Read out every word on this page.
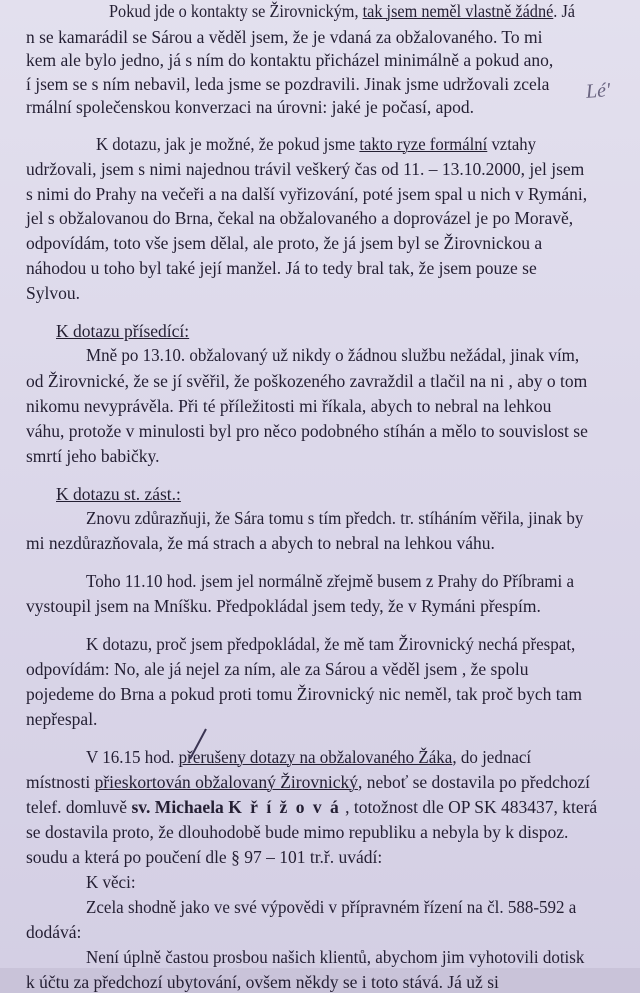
Pokud jde o kontakty se Žirovnickým, tak jsem neměl vlastně žádné. Já
n se kamarádil se Sárou a věděl jsem, že je vdaná za obžalovaného. To mi
kem ale bylo jedno, já s ním do kontaktu přicházel minimálně a pokud ano,
í jsem se s ním nebavil, leda jsme se pozdravili. Jinak jsme udržovali zcela
rmální společenskou konverzaci na úrovni: jaké je počasí, apod.
K dotazu, jak je možné, že pokud jsme takto ryze formální vztahy
udržovali, jsem s nimi najednou trávil veškerý čas od 11. – 13.10.2000, jel jsem
s nimi do Prahy na večeři a na další vyřizování, poté jsem spal u nich v Rymáni,
jel s obžalovanou do Brna, čekal na obžalovaného a doprovázel je po Moravě,
odpovídám, toto vše jsem dělal, ale proto, že já jsem byl se Žirovnickou a
náhodou u toho byl také její manžel. Já to tedy bral tak, že jsem pouze se
Sylvou.
K dotazu přísedící:
Mně po 13.10. obžalovaný už nikdy o žádnou službu nežádal, jinak vím,
od Žirovnické, že se jí svěřil, že poškozeného zavraždil a tlačil na ni , aby o tom
nikomu nevyprávěla. Při té příležitosti mi říkala, abych to nebral na lehkou
váhu, protože v minulosti byl pro něco podobného stíhán a mělo to souvislost se
smrtí jeho babičky.
K dotazu st. zást.:
Znovu zdůrazňuji, že Sára tomu s tím předch. tr. stíháním věřila, jinak by
mi nezdůrazňovala, že má strach a abych to nebral na lehkou váhu.
Toho 11.10 hod. jsem jel normálně zřejmě busem z Prahy do Příbrami a
vystoupil jsem na Mníšku. Předpokládal jsem tedy, že v Rymáni přespím.
K dotazu, proč jsem předpokládal, že mě tam Žirovnický nechá přespat,
odpovídám: No, ale já nejel za ním, ale za Sárou a věděl jsem , že spolu
pojedeme do Brna a pokud proti tomu Žirovnický nic neměl, tak proč bych tam
nepřespal.
V 16.15 hod. přerušeny dotazy na obžalovaného Žáka, do jednací
místnosti přieskortován obžalovaný Žirovnický, neboť se dostavila po předchozí
telef. domluvě sv. Michaela K ř í ž o v á , totožnost dle OP SK 483437, která
se dostavila proto, že dlouhodobě bude mimo republiku a nebyla by k dispoz.
soudu a která po poučení dle § 97 – 101 tr.ř. uvádí:
K věci:
Zcela shodně jako ve své výpovědi v přípravném řízení na čl. 588-592 a
dodává:
Není úplně častou prosbou našich klientů, abychom jim vyhotovili dotisk
k účtu za předchozí ubytování, ovšem někdy se i toto stává. Já už si
Lé'
